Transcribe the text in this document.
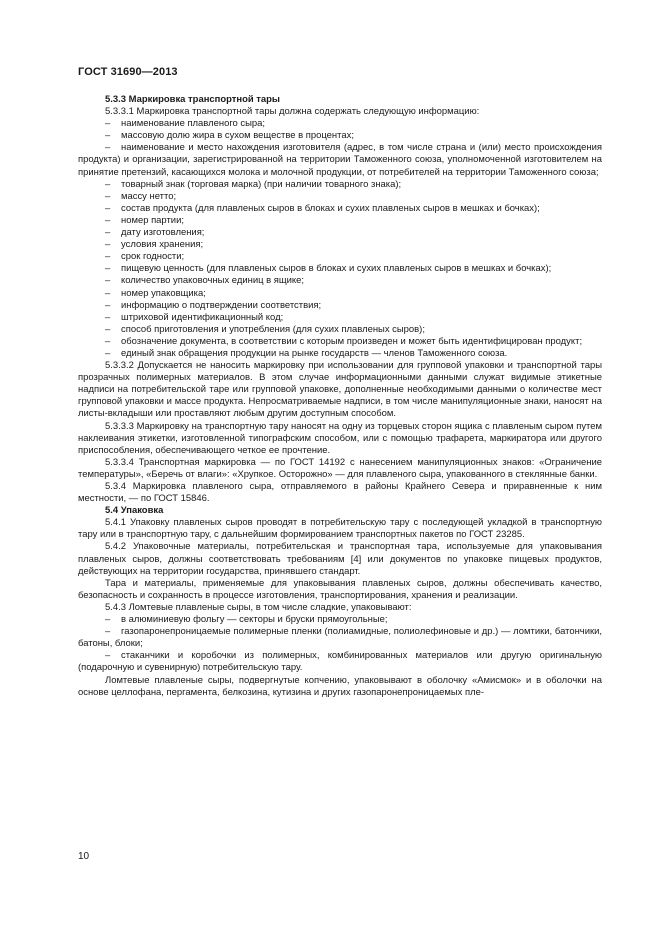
ГОСТ 31690—2013

5.3.3 Маркировка транспортной тары

5.3.3.1 Маркировка транспортной тары должна содержать следующую информацию:

– наименование плавленого сыра;

– массовую долю жира в сухом веществе в процентах;

– наименование и место нахождения изготовителя (адрес, в том числе страна и (или) место происхождения продукта) и организации, зарегистрированной на территории Таможенного союза, уполномоченной изготовителем на принятие претензий, касающихся молока и молочной продукции, от потребителей на территории Таможенного союза;

– товарный знак (торговая марка) (при наличии товарного знака);

– массу нетто;

– состав продукта (для плавленых сыров в блоках и сухих плавленых сыров в мешках и бочках);

– номер партии;

– дату изготовления;

– условия хранения;

– срок годности;

– пищевую ценность (для плавленых сыров в блоках и сухих плавленых сыров в мешках и бочках);

– количество упаковочных единиц в ящике;

– номер упаковщика;

– информацию о подтверждении соответствия;

– штриховой идентификационный код;

– способ приготовления и употребления (для сухих плавленых сыров);

– обозначение документа, в соответствии с которым произведен и может быть идентифицирован продукт;

– единый знак обращения продукции на рынке государств — членов Таможенного союза.

5.3.3.2 Допускается не наносить маркировку при использовании для групповой упаковки и транспортной тары прозрачных полимерных материалов. В этом случае информационными данными служат видимые этикетные надписи на потребительской таре или групповой упаковке, дополненные необходимыми данными о количестве мест групповой упаковки и массе продукта. Непросматриваемые надписи, в том числе манипуляционные знаки, наносят на листы-вкладыши или проставляют любым другим доступным способом.

5.3.3.3 Маркировку на транспортную тару наносят на одну из торцевых сторон ящика с плавленым сыром путем наклеивания этикетки, изготовленной типографским способом, или с помощью трафарета, маркиратора или другого приспособления, обеспечивающего четкое ее прочтение.

5.3.3.4 Транспортная маркировка — по ГОСТ 14192 с нанесением манипуляционных знаков: «Ограничение температуры», «Беречь от влаги»: «Хрупкое. Осторожно» — для плавленого сыра, упакованного в стеклянные банки.

5.3.4 Маркировка плавленого сыра, отправляемого в районы Крайнего Севера и приравненные к ним местности, — по ГОСТ 15846.

5.4 Упаковка

5.4.1 Упаковку плавленых сыров проводят в потребительскую тару с последующей укладкой в транспортную тару или в транспортную тару, с дальнейшим формированием транспортных пакетов по ГОСТ 23285.

5.4.2 Упаковочные материалы, потребительская и транспортная тара, используемые для упаковывания плавленых сыров, должны соответствовать требованиям [4] или документов по упаковке пищевых продуктов, действующих на территории государства, принявшего стандарт.

Тара и материалы, применяемые для упаковывания плавленых сыров, должны обеспечивать качество, безопасность и сохранность в процессе изготовления, транспортирования, хранения и реализации.

5.4.3 Ломтевые плавленые сыры, в том числе сладкие, упаковывают:

– в алюминиевую фольгу — секторы и бруски прямоугольные;

– газопаронепроницаемые полимерные пленки (полиамидные, полиолефиновые и др.) — ломтики, батончики, батоны, блоки;

– стаканчики и коробочки из полимерных, комбинированных материалов или другую оригинальную (подарочную и сувенирную) потребительскую тару.

Ломтевые плавленые сыры, подвергнутые копчению, упаковывают в оболочку «Амисмок» и в оболочки на основе целлофана, пергамента, белкозина, кутизина и других газопаронепроницаемых пле-

10
